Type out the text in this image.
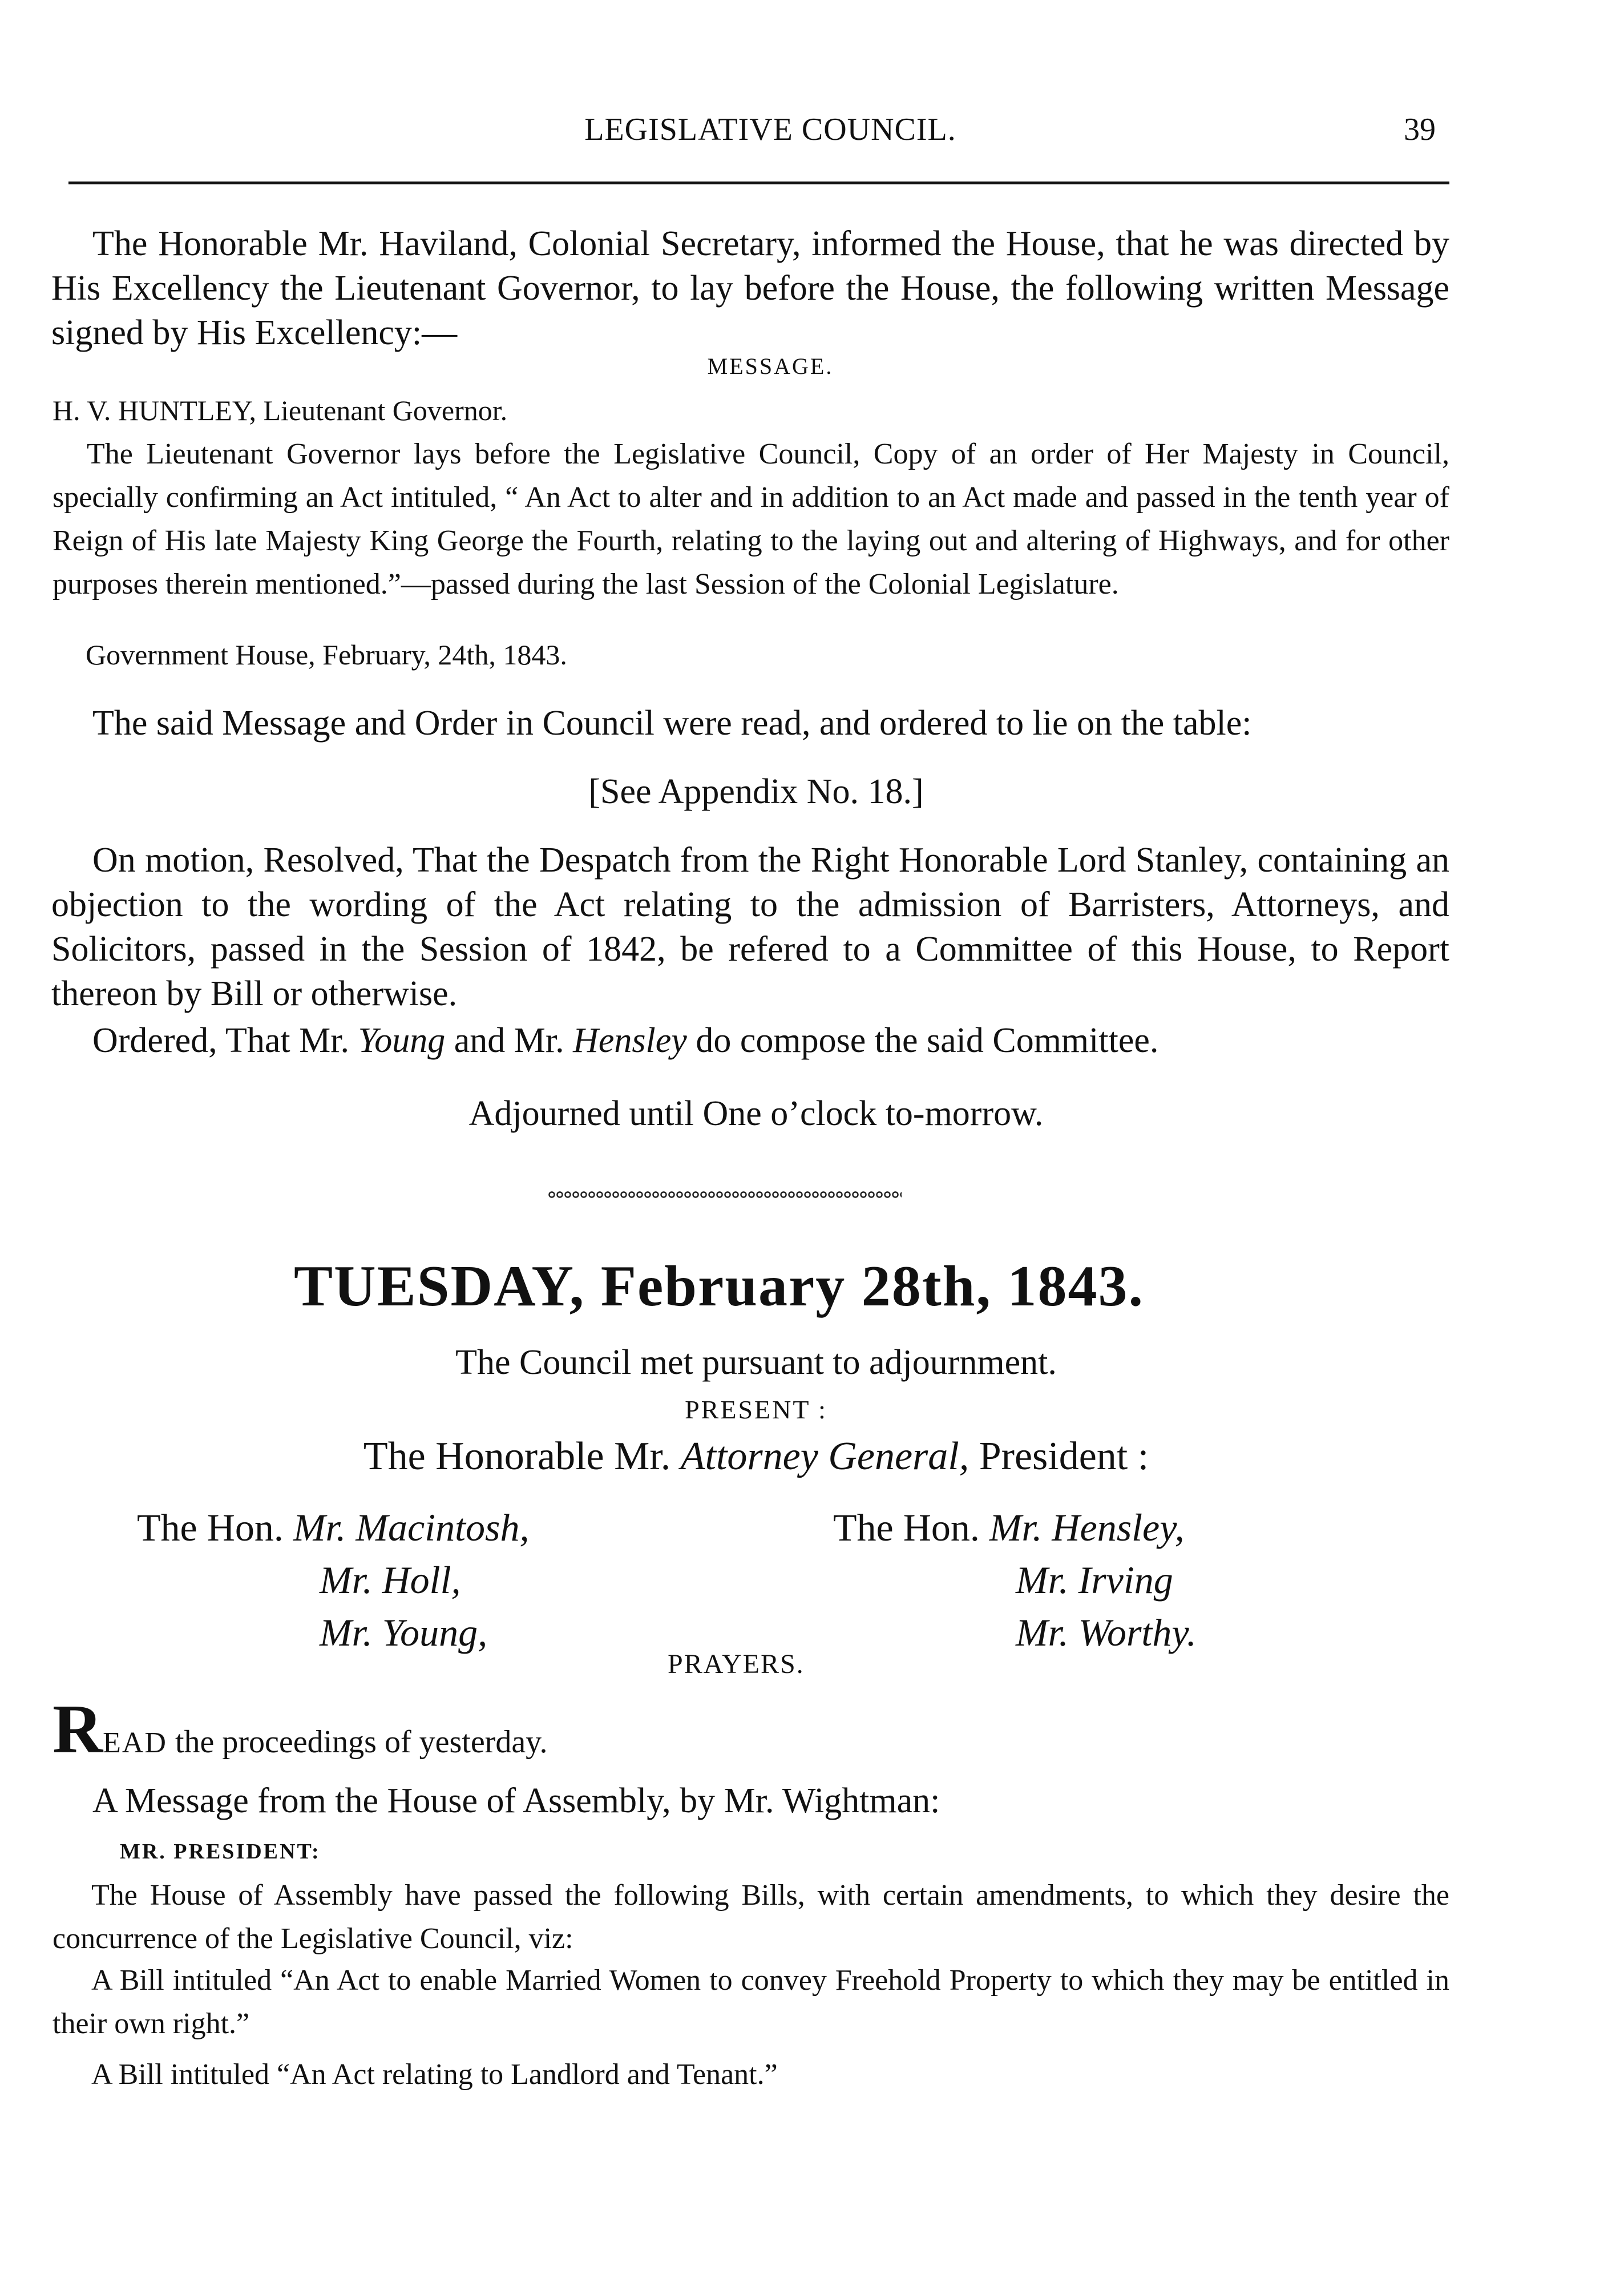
LEGISLATIVE COUNCIL.	39
The Honorable Mr. Haviland, Colonial Secretary, informed the House, that he was directed by His Excellency the Lieutenant Governor, to lay before the House, the following written Message signed by His Excellency:—
MESSAGE.
H. V. HUNTLEY, Lieutenant Governor.
The Lieutenant Governor lays before the Legislative Council, Copy of an order of Her Majesty in Council, specially confirming an Act intituled, “ An Act to alter and in addition to an Act made and passed in the tenth year of Reign of His late Majesty King George the Fourth, relating to the laying out and altering of Highways, and for other purposes therein mentioned.”—passed during the last Session of the Colonial Legislature.
Government House, February, 24th, 1843.
The said Message and Order in Council were read, and ordered to lie on the table:
[See Appendix No. 18.]
On motion, Resolved, That the Despatch from the Right Honorable Lord Stanley, containing an objection to the wording of the Act relating to the admission of Barristers, Attorneys, and Solicitors, passed in the Session of 1842, be refered to a Committee of this House, to Report thereon by Bill or otherwise.
Ordered, That Mr. Young and Mr. Hensley do compose the said Committee.
Adjourned until One o’clock to-morrow.
TUESDAY, February 28th, 1843.
The Council met pursuant to adjournment.
PRESENT :
The Honorable Mr. Attorney General, President :
The Hon. Mr. Macintosh,
Mr. Holl,
Mr. Young,
The Hon. Mr. Hensley,
Mr. Irving
Mr. Worthy.
PRAYERS.
READ the proceedings of yesterday.
A Message from the House of Assembly, by Mr. Wightman:
MR. PRESIDENT:
The House of Assembly have passed the following Bills, with certain amendments, to which they desire the concurrence of the Legislative Council, viz:
A Bill intituled “An Act to enable Married Women to convey Freehold Property to which they may be entitled in their own right.”
A Bill intituled “An Act relating to Landlord and Tenant.”
